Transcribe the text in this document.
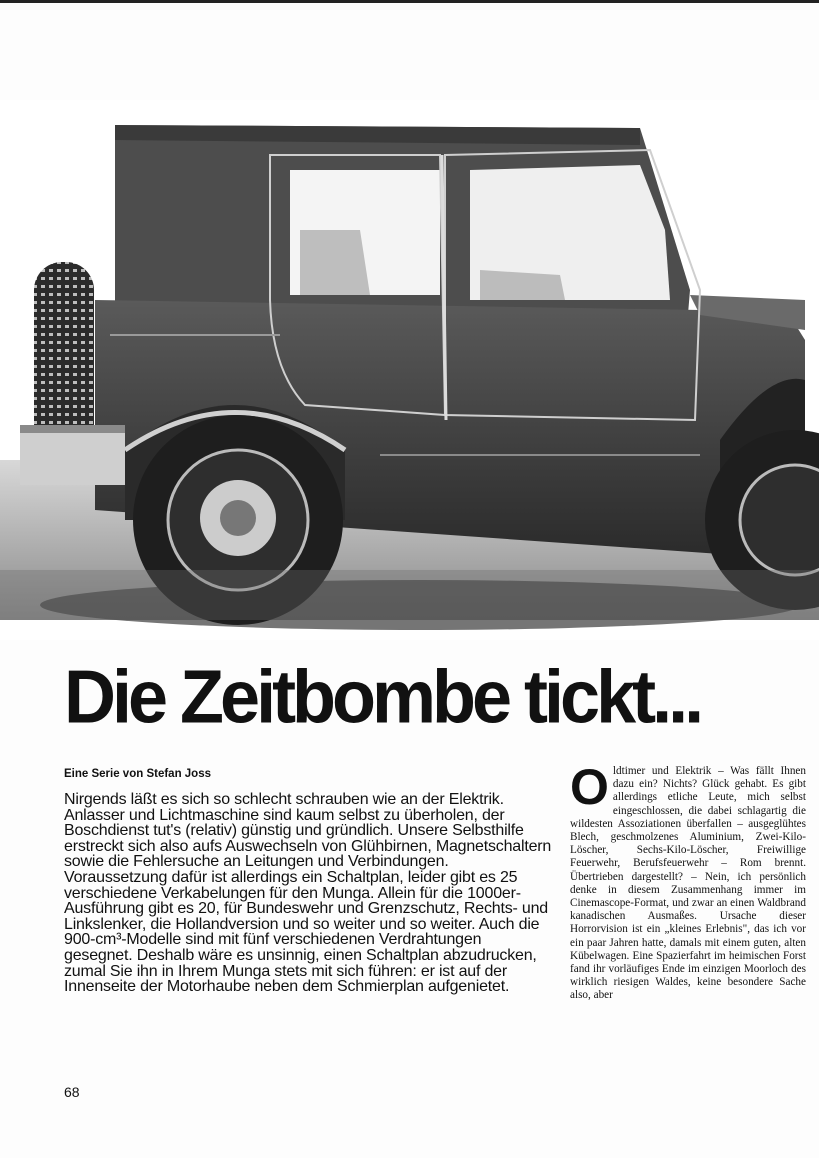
Die Zeitbombe tickt...

Eine Serie von Stefan Joss

Nirgends läßt es sich so schlecht schrauben wie an der Elektrik. Anlasser und Lichtmaschine sind kaum selbst zu überholen, der Boschdienst tut's (relativ) günstig und gründlich. Unsere Selbsthilfe erstreckt sich also aufs Auswechseln von Glühbirnen, Magnetschaltern sowie die Fehlersuche an Leitungen und Verbindungen. Voraussetzung dafür ist allerdings ein Schaltplan, leider gibt es 25 verschiedene Verkabelungen für den Munga. Allein für die 1000er-Ausführung gibt es 20, für Bundeswehr und Grenzschutz, Rechts- und Linkslenker, die Hollandversion und so weiter und so weiter. Auch die 900-cm³-Modelle sind mit fünf verschiedenen Verdrahtungen gesegnet. Deshalb wäre es unsinnig, einen Schaltplan abzudrucken, zumal Sie ihn in Ihrem Munga stets mit sich führen: er ist auf der Innenseite der Motorhaube neben dem Schmierplan aufgenietet.

O ldtimer und Elektrik – Was fällt Ihnen dazu ein? Nichts? Glück gehabt. Es gibt allerdings etliche Leute, mich selbst eingeschlossen, die dabei schlagartig die wildesten Assoziationen überfallen – ausgeglühtes Blech, geschmolzenes Aluminium, Zwei-Kilo-Löscher, Sechs-Kilo-Löscher, Freiwillige Feuerwehr, Berufsfeuerwehr – Rom brennt. Übertrieben dargestellt? – Nein, ich persönlich denke in diesem Zusammenhang immer im Cinemascope-Format, und zwar an einen Waldbrand kanadischen Ausmaßes. Ursache dieser Horrorvision ist ein „kleines Erlebnis", das ich vor ein paar Jahren hatte, damals mit einem guten, alten Kübelwagen. Eine Spazierfahrt im heimischen Forst fand ihr vorläufiges Ende im einzigen Moorloch des wirklich riesigen Waldes, keine besondere Sache also, aber

68
